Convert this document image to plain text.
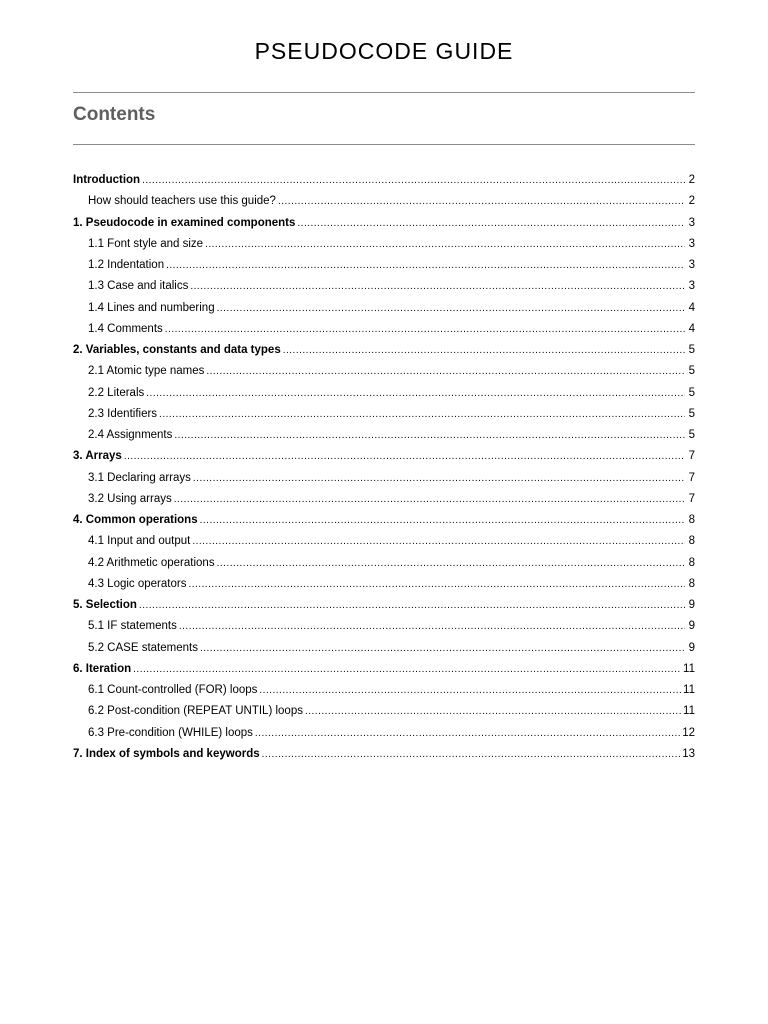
PSEUDOCODE GUIDE
Contents
Introduction .....	2
How should teachers use this guide? .....	2
1. Pseudocode in examined components .....	3
1.1 Font style and size .....	3
1.2 Indentation .....	3
1.3 Case and italics .....	3
1.4 Lines and numbering .....	4
1.4 Comments .....	4
2. Variables, constants and data types .....	5
2.1 Atomic type names .....	5
2.2 Literals .....	5
2.3 Identifiers .....	5
2.4 Assignments .....	5
3. Arrays .....	7
3.1 Declaring arrays .....	7
3.2 Using arrays .....	7
4. Common operations .....	8
4.1 Input and output .....	8
4.2 Arithmetic operations .....	8
4.3 Logic operators .....	8
5. Selection .....	9
5.1 IF statements .....	9
5.2 CASE statements .....	9
6. Iteration .....	11
6.1 Count-controlled (FOR) loops .....	11
6.2 Post-condition (REPEAT UNTIL) loops .....	11
6.3 Pre-condition (WHILE) loops .....	12
7. Index of symbols and keywords .....	13
